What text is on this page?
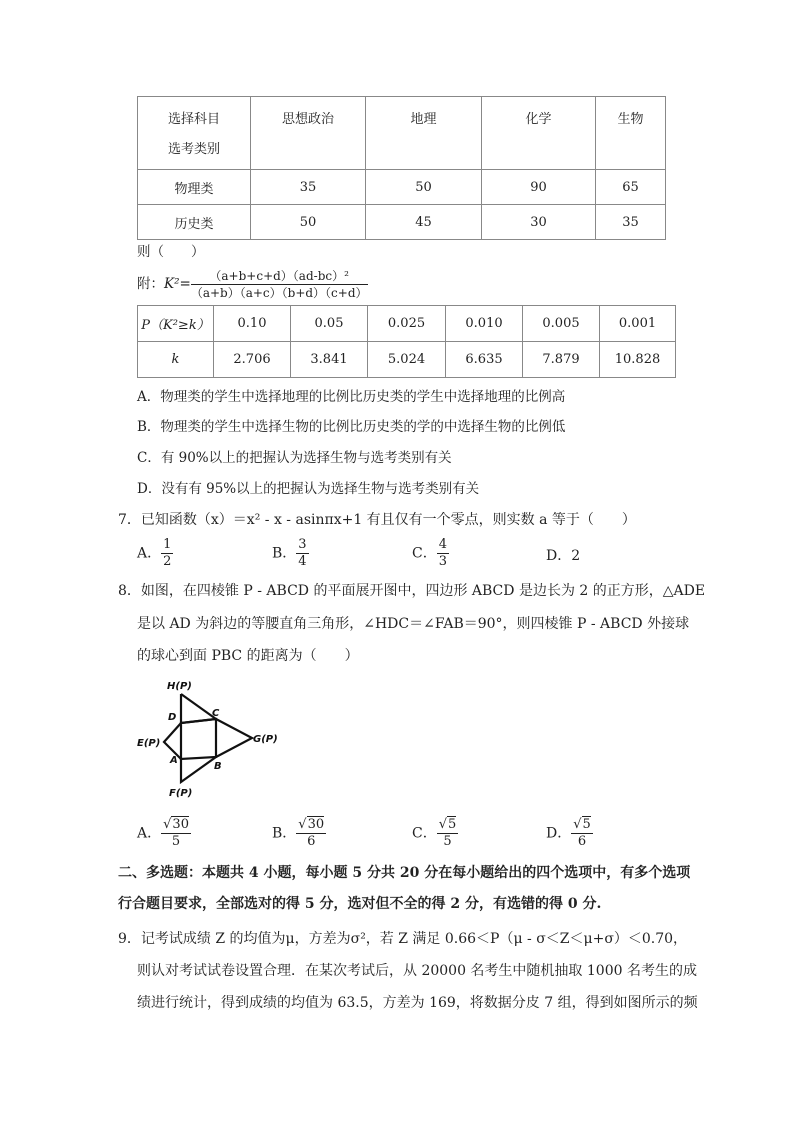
选择科目
选考类别	思想政治	地理	化学	生物
物理类	35	50	90	65
历史类	50	45	30	35
则（　　）
附：$K^2= \frac{\text{（a+b+c+d）（ad-bc）²}}{(a+b)(a+c)(b+d)(c+d)}$
P（K²≥k）	0.10	0.05	0.025	0.010	0.005	0.001
k	2.706	3.841	5.024	6.635	7.879	10.828
A．物理类的学生中选择地理的比例比历史类的学生中选择地理的比例高
B．物理类的学生中选择生物的比例比历史类的学的中选择生物的比例低
C．有 90%以上的把握认为选择生物与选考类别有关
D．没有有 95%以上的把握认为选择生物与选考类别有关
7．已知函数（x）＝x² - x - asinπx+1 有且仅有一个零点，则实数 a 等于（　　）
A． $\frac{1}{2}$	B． $\frac{3}{4}$	C． $\frac{4}{3}$	D．2
8．如图，在四棱锥 P - ABCD 的平面展开图中，四边形 ABCD 是边长为 2 的正方形，△ADE
是以 AD 为斜边的等腰直角三角形，∠HDC＝∠FAB＝90°，则四棱锥 P - ABCD 外接球
的球心到面 PBC 的距离为（　　）
H(P)
D	C
E(P)	G(P)
A
B
F(P)
A． $\frac{√30}{5}$	B． $\frac{√30}{6}$	C． $\frac{√5}{5}$	D． $\frac{√5}{6}$
二、多选题：本题共 4 小题，每小题 5 分共 20 分在每小题给出的四个选项中，有多个选项
行合题目要求，全部选对的得 5 分，选对但不全的得 2 分，有选错的得 0 分.
9．记考试成绩 Z 的均值为μ，方差为σ²，若 Z 满足 0.66＜P（μ - σ＜Z＜μ+σ）＜0.70，
则认对考试试卷设置合理．在某次考试后，从 20000 名考生中随机抽取 1000 名考生的成
绩进行统计，得到成绩的均值为 63.5，方差为 169，将数据分皮 7 组，得到如图所示的频
